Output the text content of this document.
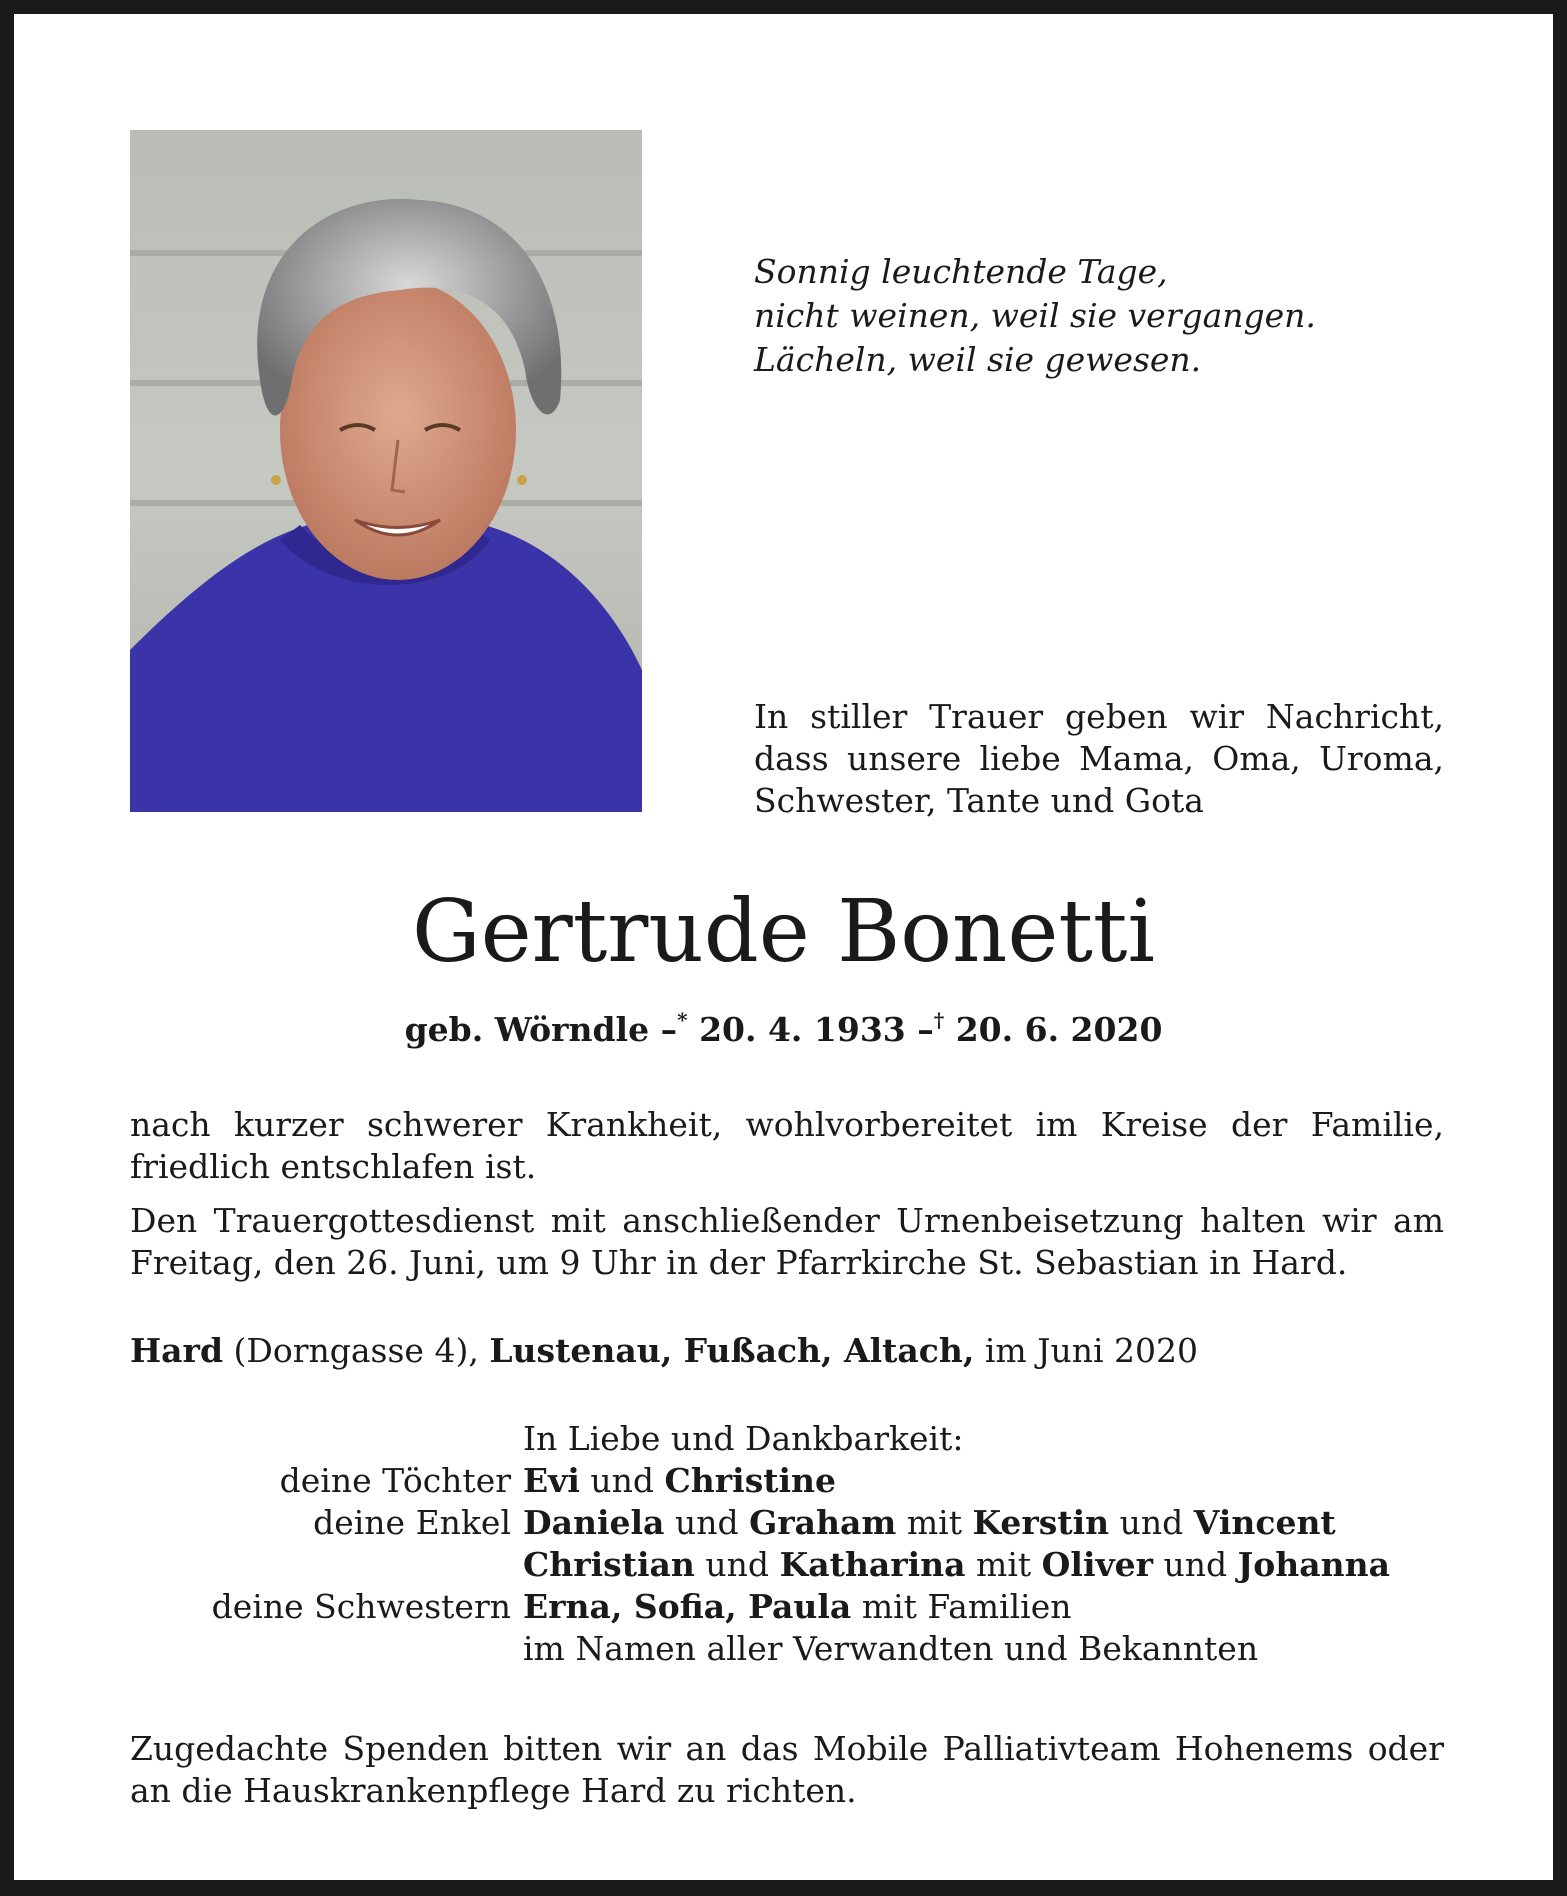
Sonnig leuchtende Tage,
nicht weinen, weil sie vergangen.
Lächeln, weil sie gewesen.
In stiller Trauer geben wir Nachricht,
dass unsere liebe Mama, Oma, Uroma,
Schwester, Tante und Gota
Gertrude Bonetti
geb. Wörndle –* 20. 4. 1933 –† 20. 6. 2020
nach kurzer schwerer Krankheit, wohlvorbereitet im Kreise der Familie,
friedlich entschlafen ist.
Den Trauergottesdienst mit anschließender Urnenbeisetzung halten wir am
Freitag, den 26. Juni, um 9 Uhr in der Pfarrkirche St. Sebastian in Hard.
Hard (Dorngasse 4), Lustenau, Fußach, Altach, im Juni 2020
In Liebe und Dankbarkeit:
deine Töchter Evi und Christine
deine Enkel Daniela und Graham mit Kerstin und Vincent
Christian und Katharina mit Oliver und Johanna
deine Schwestern Erna, Sofia, Paula mit Familien
im Namen aller Verwandten und Bekannten
Zugedachte Spenden bitten wir an das Mobile Palliativteam Hohenems oder
an die Hauskrankenpflege Hard zu richten.
